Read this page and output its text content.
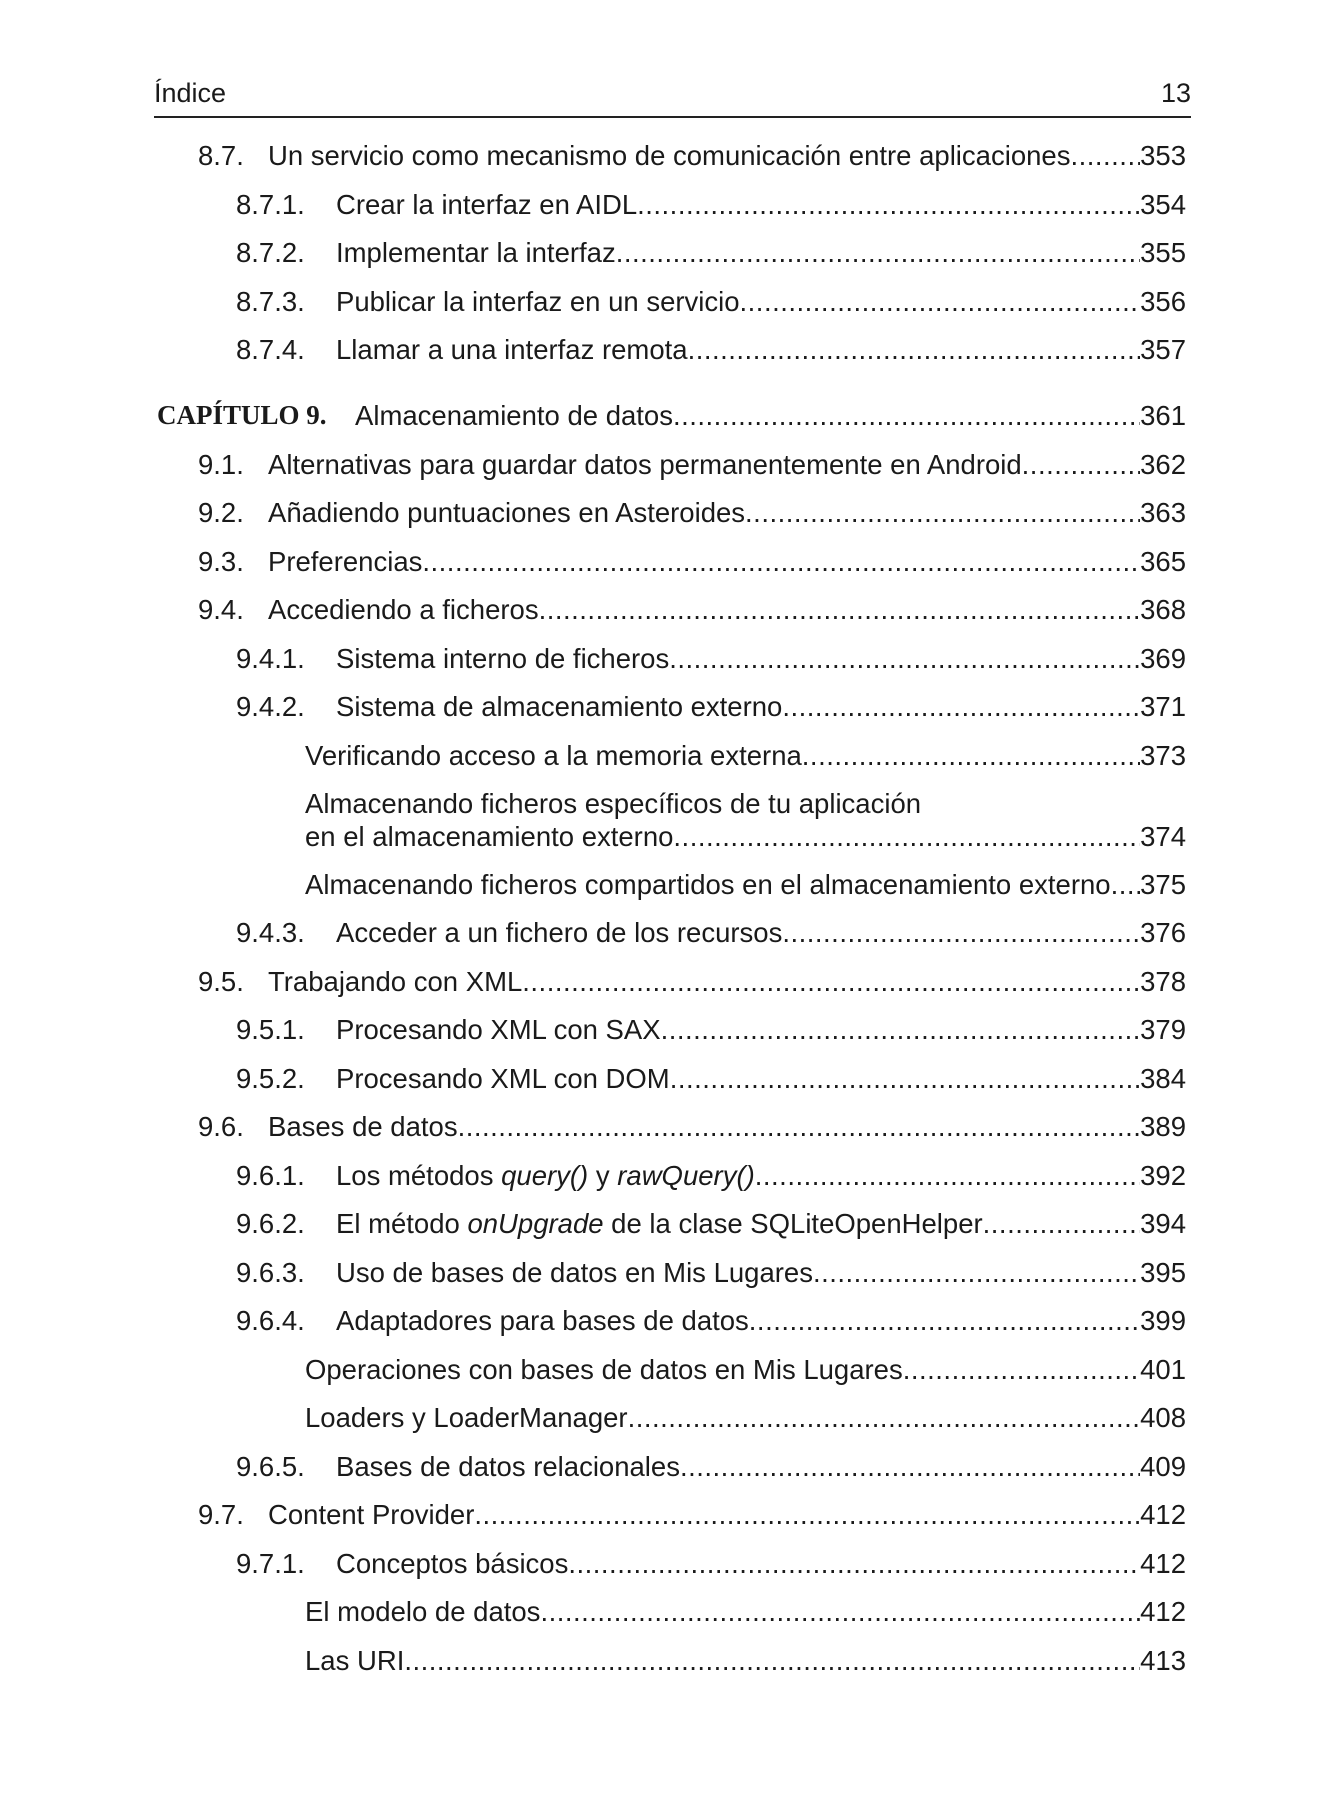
Índice	13
8.7. Un servicio como mecanismo de comunicación entre aplicaciones .....	353
8.7.1.	Crear la interfaz en AIDL .....	354
8.7.2.	Implementar la interfaz .....	355
8.7.3.	Publicar la interfaz en un servicio .....	356
8.7.4.	Llamar a una interfaz remota .....	357
CAPÍTULO 9.	Almacenamiento de datos .....	361
9.1. Alternativas para guardar datos permanentemente en Android .....	362
9.2. Añadiendo puntuaciones en Asteroides .....	363
9.3. Preferencias .....	365
9.4. Accediendo a ficheros .....	368
9.4.1.	Sistema interno de ficheros .....	369
9.4.2.	Sistema de almacenamiento externo .....	371
Verificando acceso a la memoria externa .....	373
Almacenando ficheros específicos de tu aplicación
en el almacenamiento externo .....	374
Almacenando ficheros compartidos en el almacenamiento externo ..... 375
9.4.3.	Acceder a un fichero de los recursos .....	376
9.5. Trabajando con XML .....	378
9.5.1.	Procesando XML con SAX .....	379
9.5.2.	Procesando XML con DOM .....	384
9.6. Bases de datos .....	389
9.6.1.	Los métodos query() y rawQuery() .....	392
9.6.2.	El método onUpgrade de la clase SQLiteOpenHelper .....	394
9.6.3.	Uso de bases de datos en Mis Lugares .....	395
9.6.4.	Adaptadores para bases de datos .....	399
Operaciones con bases de datos en Mis Lugares .....	401
Loaders y LoaderManager .....	408
9.6.5.	Bases de datos relacionales .....	409
9.7. Content Provider .....	412
9.7.1.	Conceptos básicos .....	412
El modelo de datos .....	412
Las URI .....	413
